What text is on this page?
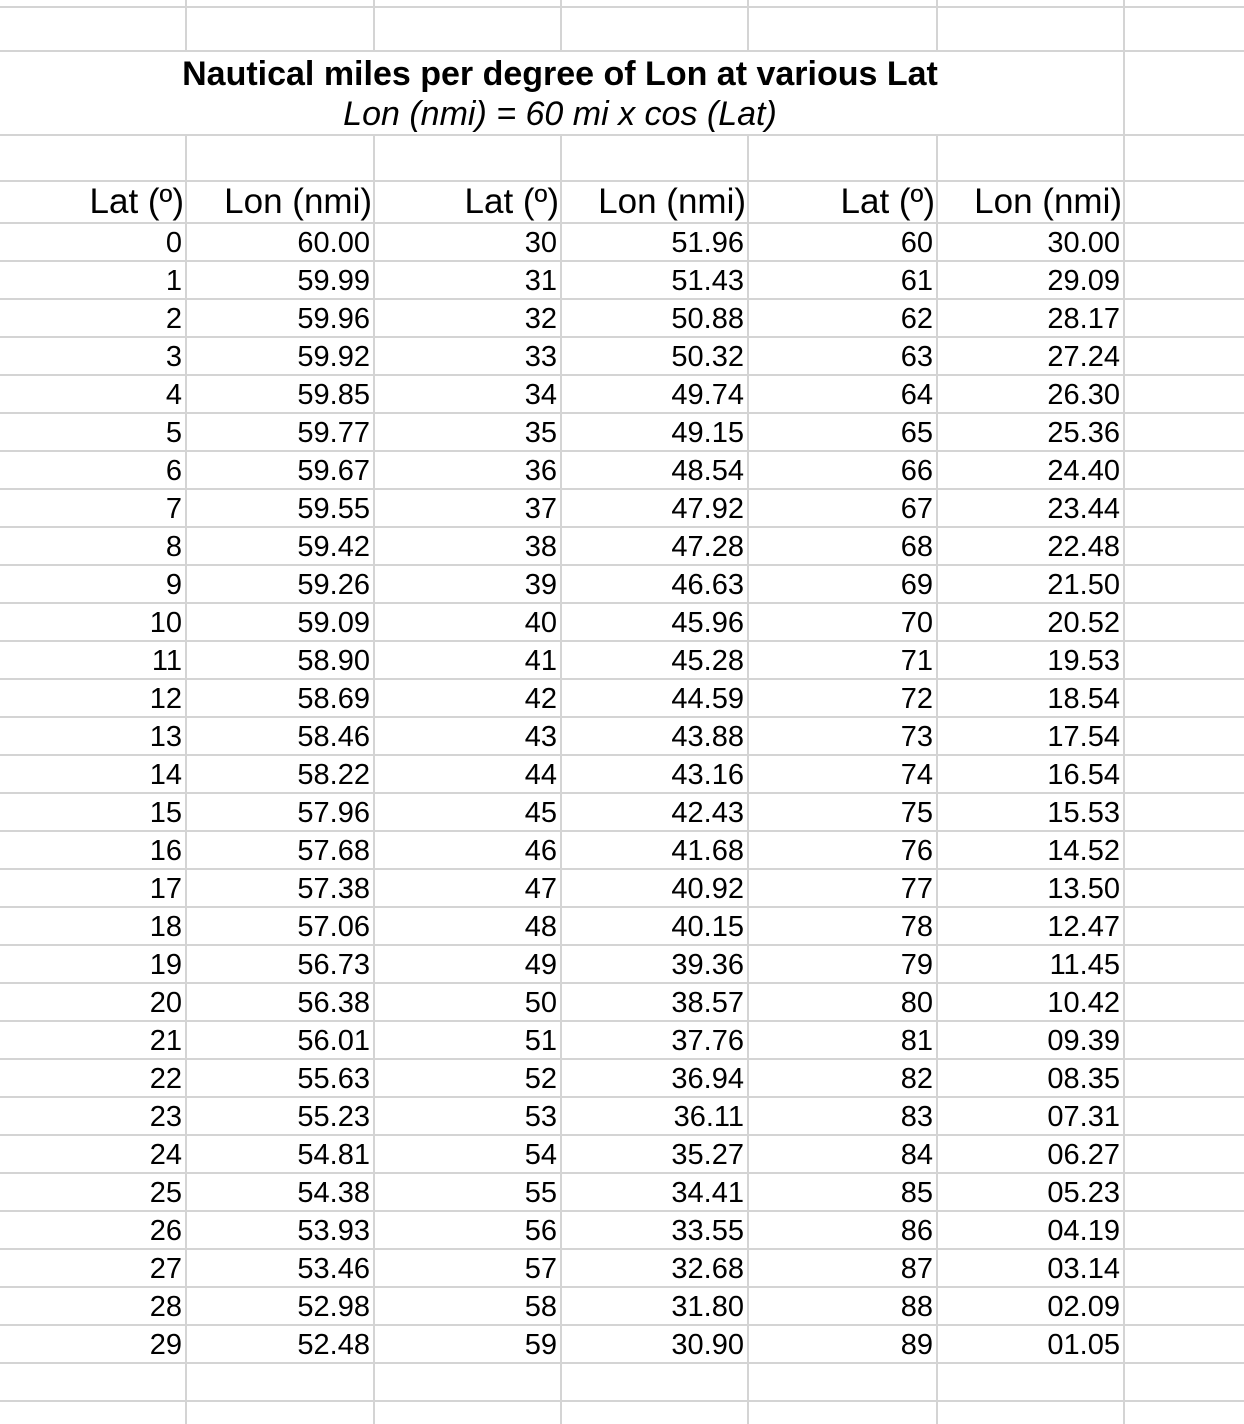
Nautical miles per degree of Lon at various Lat
Lon (nmi) = 60 mi x cos (Lat)
Lat (º)	Lon (nmi)	Lat (º)	Lon (nmi)	Lat (º)	Lon (nmi)
0	60.00	30	51.96	60	30.00
1	59.99	31	51.43	61	29.09
2	59.96	32	50.88	62	28.17
3	59.92	33	50.32	63	27.24
4	59.85	34	49.74	64	26.30
5	59.77	35	49.15	65	25.36
6	59.67	36	48.54	66	24.40
7	59.55	37	47.92	67	23.44
8	59.42	38	47.28	68	22.48
9	59.26	39	46.63	69	21.50
10	59.09	40	45.96	70	20.52
11	58.90	41	45.28	71	19.53
12	58.69	42	44.59	72	18.54
13	58.46	43	43.88	73	17.54
14	58.22	44	43.16	74	16.54
15	57.96	45	42.43	75	15.53
16	57.68	46	41.68	76	14.52
17	57.38	47	40.92	77	13.50
18	57.06	48	40.15	78	12.47
19	56.73	49	39.36	79	11.45
20	56.38	50	38.57	80	10.42
21	56.01	51	37.76	81	09.39
22	55.63	52	36.94	82	08.35
23	55.23	53	36.11	83	07.31
24	54.81	54	35.27	84	06.27
25	54.38	55	34.41	85	05.23
26	53.93	56	33.55	86	04.19
27	53.46	57	32.68	87	03.14
28	52.98	58	31.80	88	02.09
29	52.48	59	30.90	89	01.05
